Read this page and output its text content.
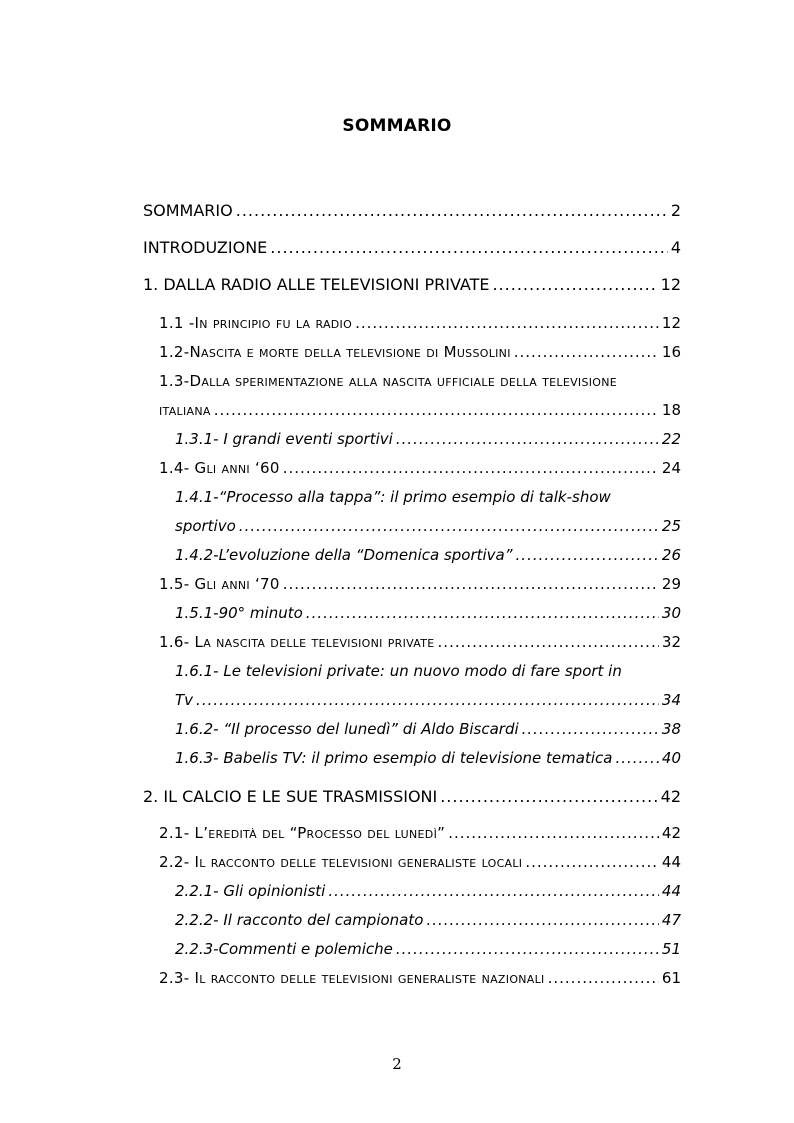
SOMMARIO
SOMMARIO .....	2
INTRODUZIONE .....	4
1. DALLA RADIO ALLE TELEVISIONI PRIVATE .....	12
1.1 -In principio fu la radio .....	12
1.2-Nascita e morte della televisione di Mussolini .....	16
1.3-Dalla sperimentazione alla nascita ufficiale della televisione
italiana .....	18
1.3.1- I grandi eventi sportivi .....	22
1.4- Gli anni ‘60 .....	24
1.4.1-“Processo alla tappa”: il primo esempio di talk-show
sportivo .....	25
1.4.2-L’evoluzione della “Domenica sportiva” .....	26
1.5- Gli anni ‘70 .....	29
1.5.1-90° minuto .....	30
1.6- La nascita delle televisioni private .....	32
1.6.1- Le televisioni private: un nuovo modo di fare sport in
Tv .....	34
1.6.2- “Il processo del lunedì” di Aldo Biscardi .....	38
1.6.3- Babelis TV: il primo esempio di televisione tematica .....	40
2. IL CALCIO E LE SUE TRASMISSIONI .....	42
2.1- L’eredità del “Processo del lunedì” .....	42
2.2- Il racconto delle televisioni generaliste locali .....	44
2.2.1- Gli opinionisti .....	44
2.2.2- Il racconto del campionato .....	47
2.2.3-Commenti e polemiche .....	51
2.3- Il racconto delle televisioni generaliste nazionali .....	61
2
